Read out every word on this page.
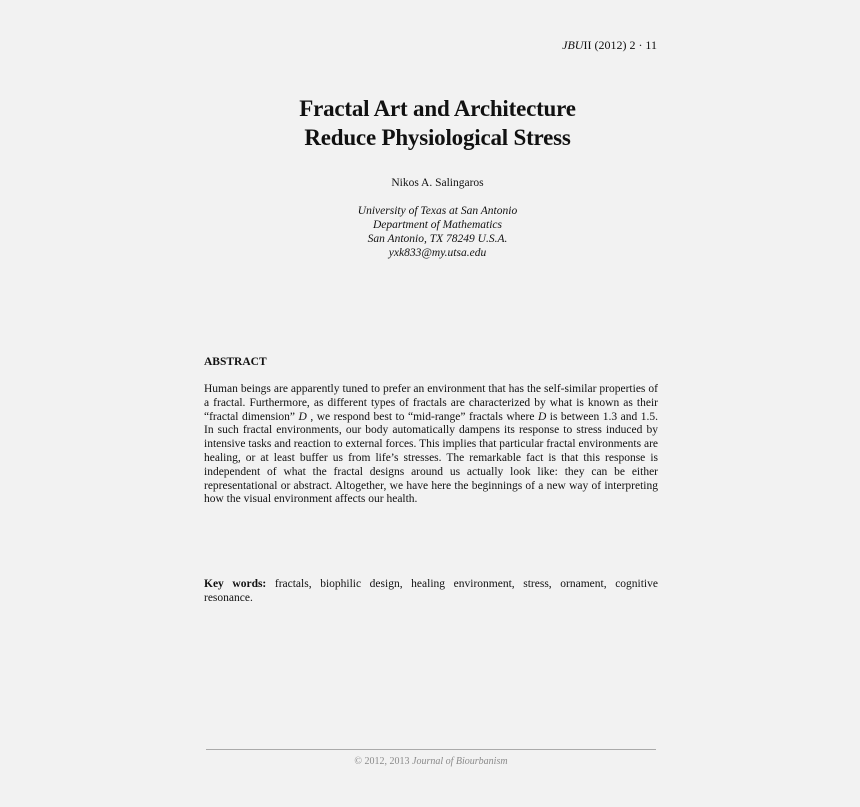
JBUII (2012) 2 · 11
Fractal Art and Architecture
Reduce Physiological Stress
Nikos A. Salingaros
University of Texas at San Antonio
Department of Mathematics
San Antonio, TX 78249 U.S.A.
yxk833@my.utsa.edu
ABSTRACT
Human beings are apparently tuned to prefer an environment that has the self-similar properties of a fractal. Furthermore, as different types of fractals are characterized by what is known as their “fractal dimension” D , we respond best to “mid-range” fractals where D is between 1.3 and 1.5. In such fractal environments, our body automatically dampens its response to stress induced by intensive tasks and reaction to external forces. This implies that particular fractal environments are healing, or at least buffer us from life’s stresses. The remarkable fact is that this response is independent of what the fractal designs around us actually look like: they can be either representational or abstract. Altogether, we have here the beginnings of a new way of interpreting how the visual environment affects our health.
Key words: fractals, biophilic design, healing environment, stress, ornament, cognitive resonance.
© 2012, 2013 Journal of Biourbanism
